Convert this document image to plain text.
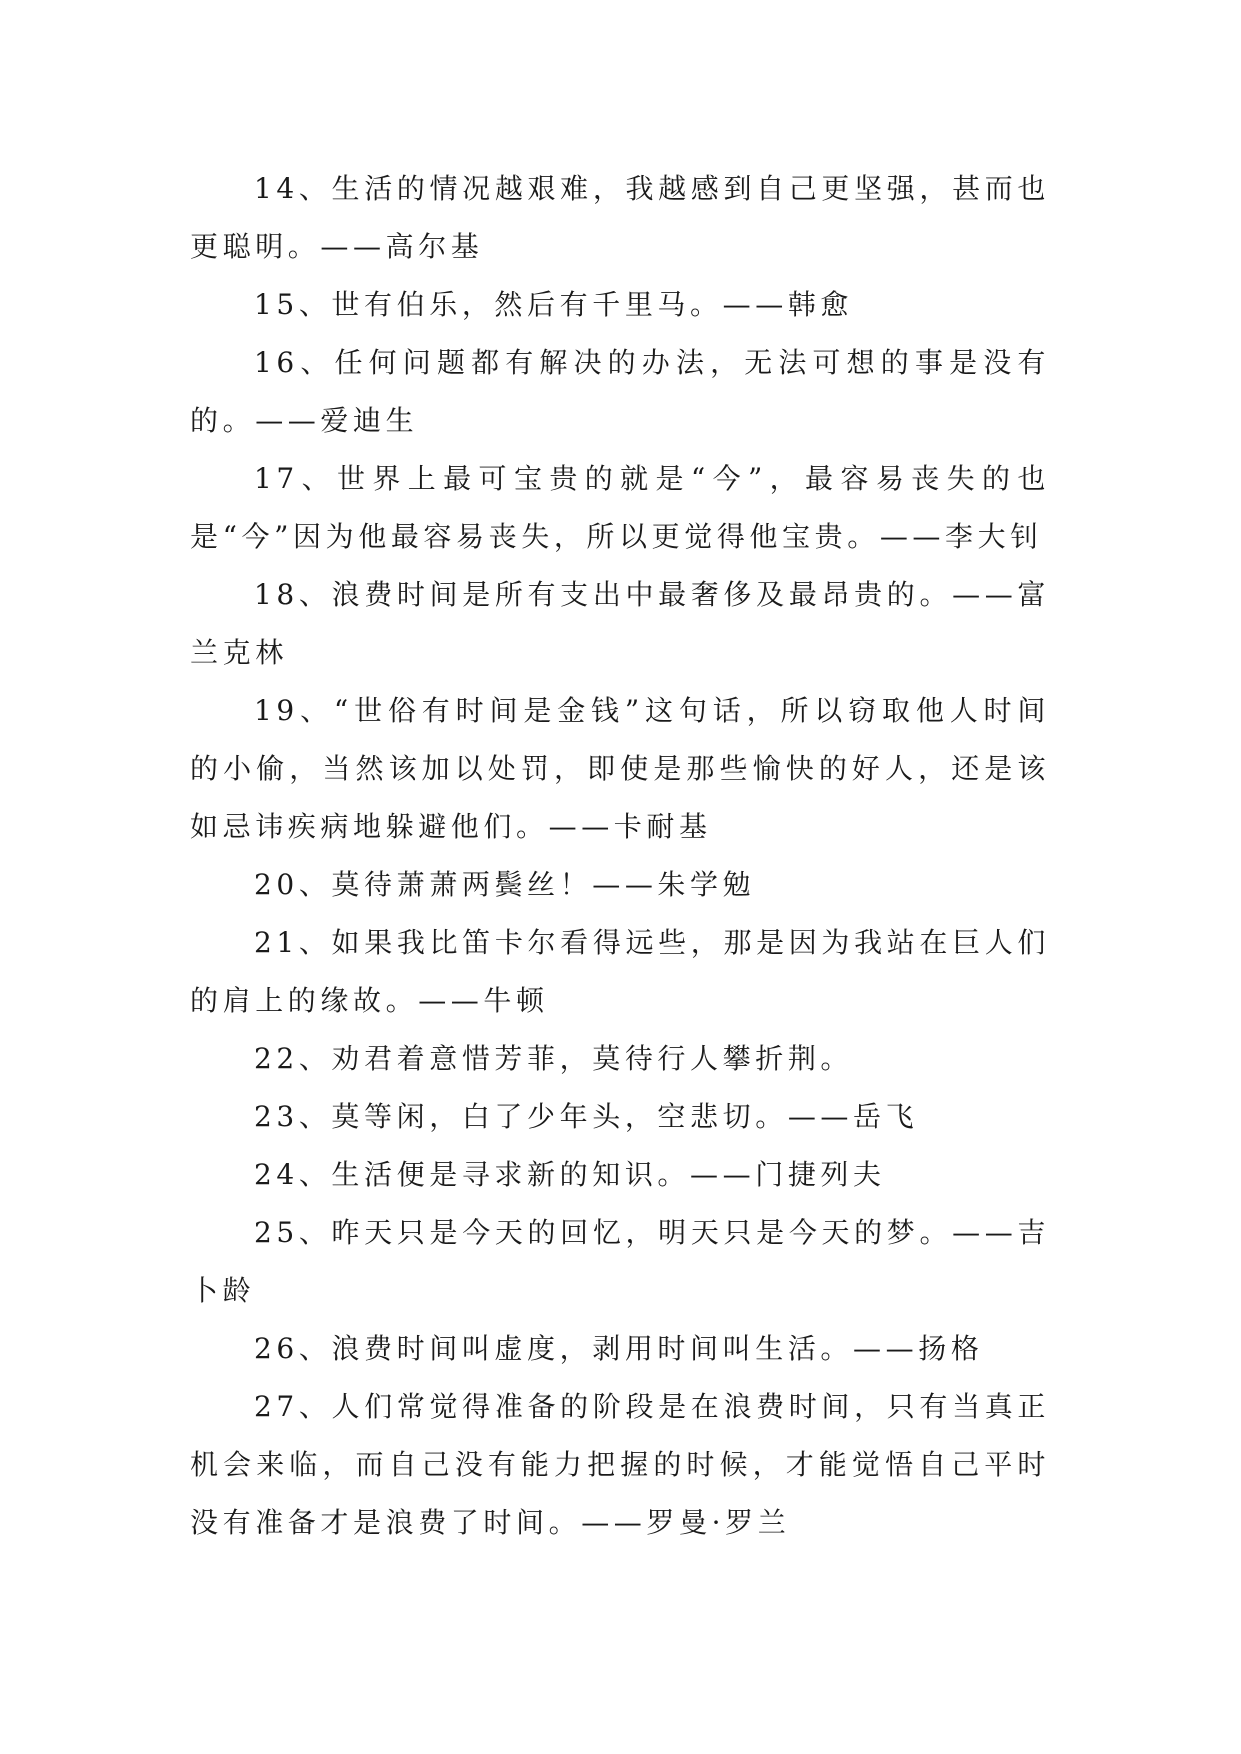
14、生活的情况越艰难，我越感到自己更坚强，甚而也更聪明。——高尔基

15、世有伯乐，然后有千里马。——韩愈

16、任何问题都有解决的办法，无法可想的事是没有的。——爱迪生

17、世界上最可宝贵的就是“今”，最容易丧失的也是“今”因为他最容易丧失，所以更觉得他宝贵。——李大钊

18、浪费时间是所有支出中最奢侈及最昂贵的。——富兰克林

19、“世俗有时间是金钱”这句话，所以窃取他人时间的小偷，当然该加以处罚，即使是那些愉快的好人，还是该如忌讳疾病地躲避他们。——卡耐基

20、莫待萧萧两鬓丝！——朱学勉

21、如果我比笛卡尔看得远些，那是因为我站在巨人们的肩上的缘故。——牛顿

22、劝君着意惜芳菲，莫待行人攀折荆。

23、莫等闲，白了少年头，空悲切。——岳飞

24、生活便是寻求新的知识。——门捷列夫

25、昨天只是今天的回忆，明天只是今天的梦。——吉卜龄

26、浪费时间叫虚度，剥用时间叫生活。——扬格

27、人们常觉得准备的阶段是在浪费时间，只有当真正机会来临，而自己没有能力把握的时候，才能觉悟自己平时没有准备才是浪费了时间。——罗曼·罗兰
